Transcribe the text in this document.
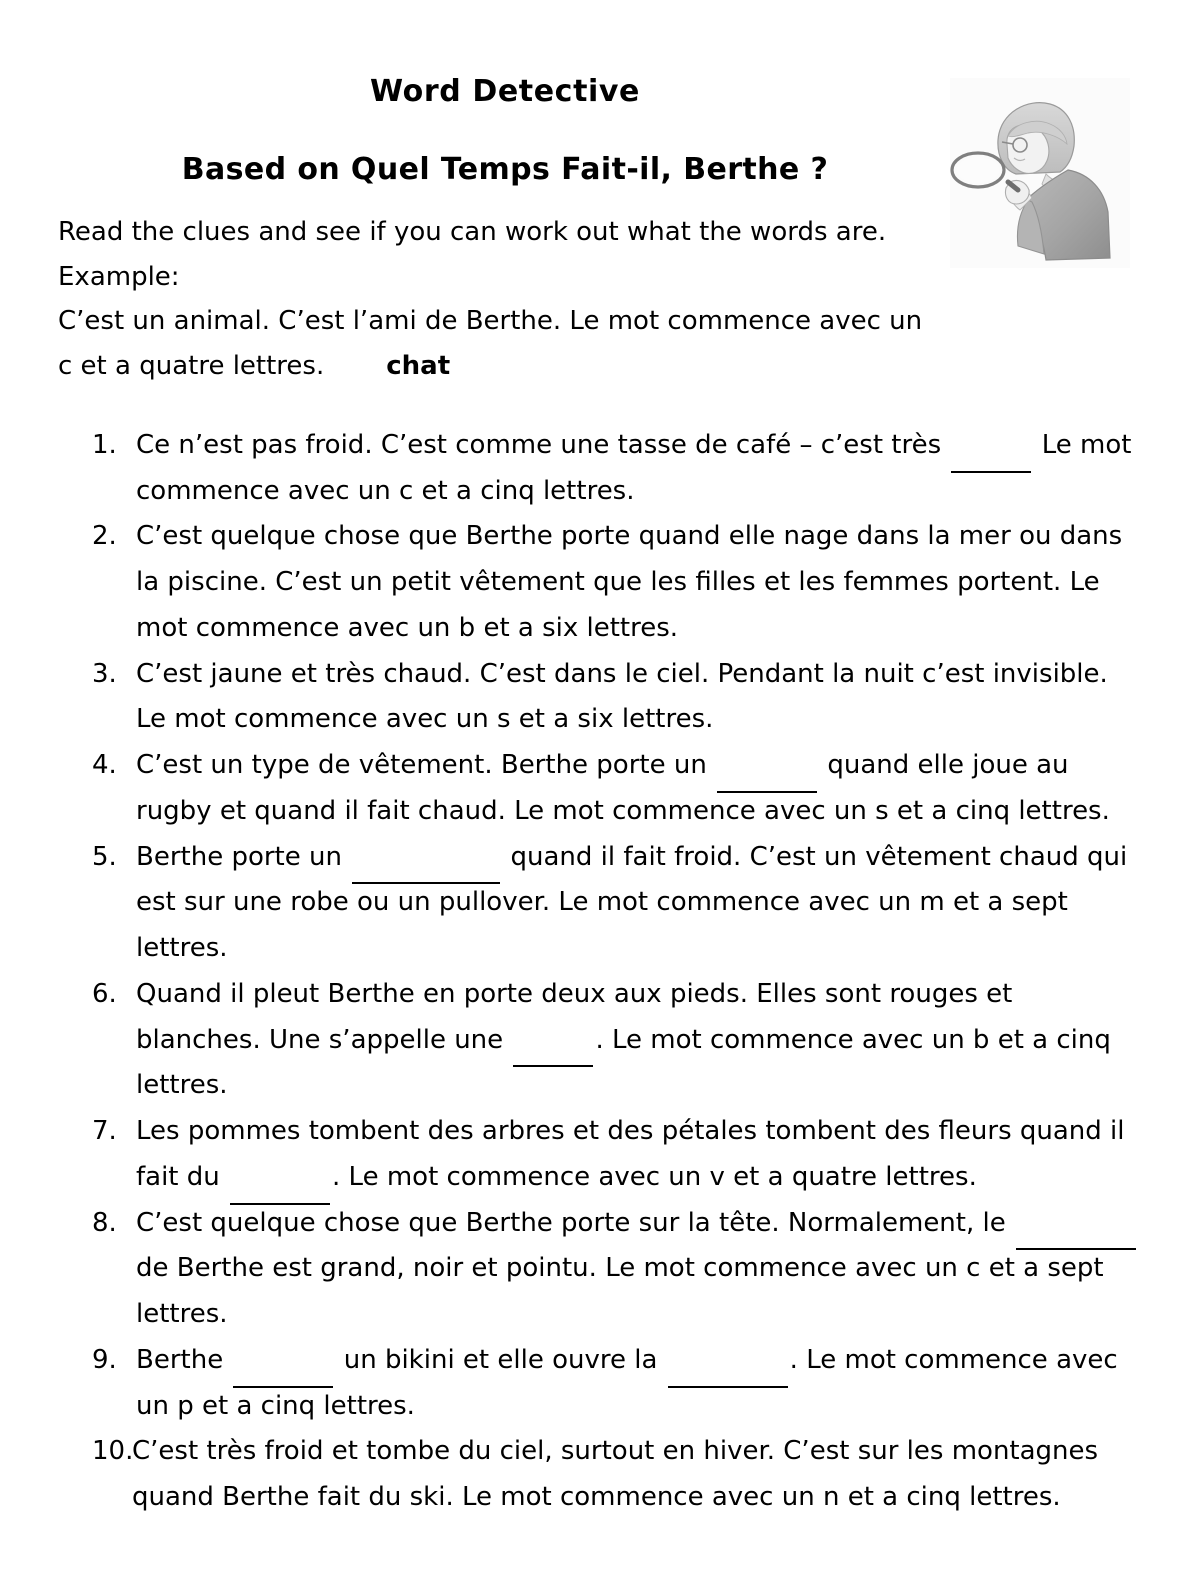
Word Detective
Based on Quel Temps Fait-il, Berthe ?
Read the clues and see if you can work out what the words are.
Example:
C’est un animal. C’est l’ami de Berthe. Le mot commence avec un c et a quatre lettres. chat
1. Ce n’est pas froid. C’est comme une tasse de café – c’est très	Le mot commence avec un c et a cinq lettres.
2. C’est quelque chose que Berthe porte quand elle nage dans la mer ou dans la piscine. C’est un petit vêtement que les filles et les femmes portent. Le mot commence avec un b et a six lettres.
3. C’est jaune et très chaud. C’est dans le ciel. Pendant la nuit c’est invisible. Le mot commence avec un s et a six lettres.
4. C’est un type de vêtement. Berthe porte un	quand elle joue au rugby et quand il fait chaud. Le mot commence avec un s et a cinq lettres.
5. Berthe porte un	quand il fait froid. C’est un vêtement chaud qui est sur une robe ou un pullover. Le mot commence avec un m et a sept lettres.
6. Quand il pleut Berthe en porte deux aux pieds. Elles sont rouges et blanches. Une s’appelle une	. Le mot commence avec un b et a cinq lettres.
7. Les pommes tombent des arbres et des pétales tombent des fleurs quand il fait du	. Le mot commence avec un v et a quatre lettres.
8. C’est quelque chose que Berthe porte sur la tête. Normalement, le  de Berthe est grand, noir et pointu. Le mot commence avec un c et a sept lettres.
9. Berthe	un bikini et elle ouvre la	. Le mot commence avec un p et a cinq lettres.
10.
C’est très froid et tombe du ciel, surtout en hiver. C’est sur les montagnes quand Berthe fait du ski. Le mot commence avec un n et a cinq lettres.
